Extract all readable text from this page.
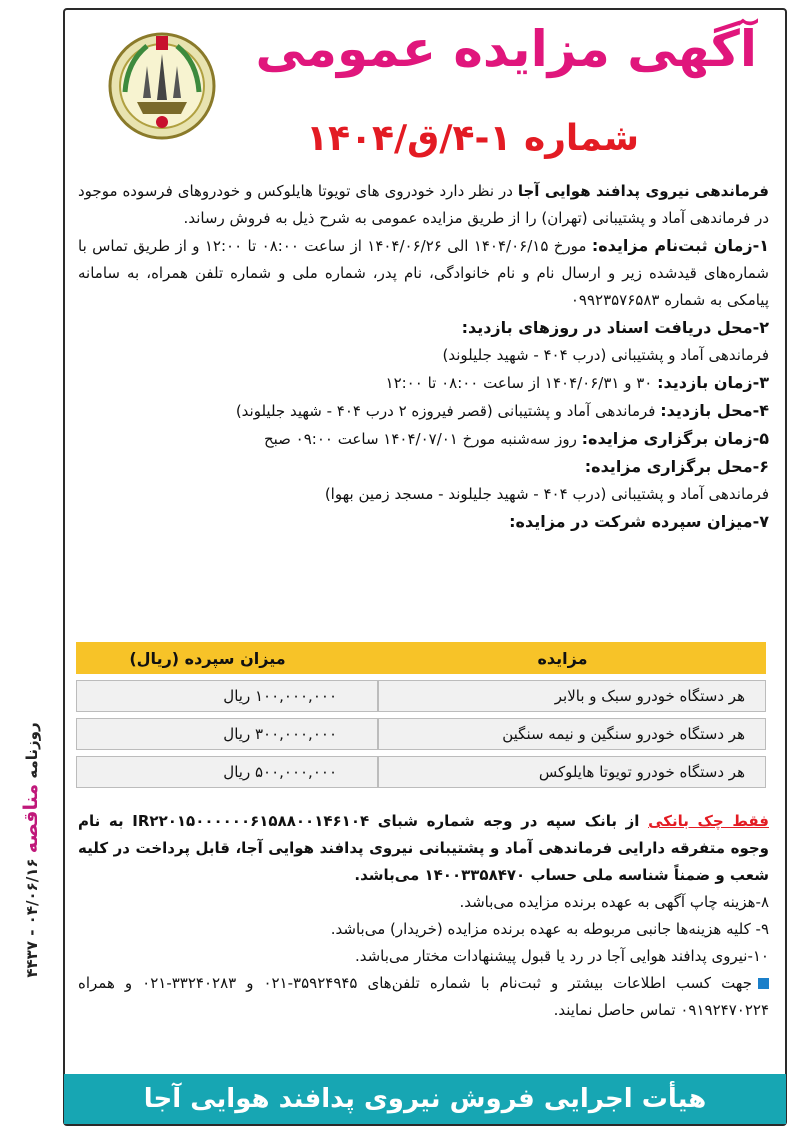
روزنامه مناقصه ۰۴/۰۶/۱۶ - ۴۴۳۷
آگهی مزایده عمومی
شماره ۱-۴/ق/۱۴۰۴

فرماندهی نیروی پدافند هوایی آجا در نظر دارد خودروی های تویوتا هایلوکس و خودروهای فرسوده موجود در فرماندهی آماد و پشتیبانی (تهران) را از طریق مزایده عمومی به شرح ذیل به فروش رساند.

۱-زمان ثبت‌نام مزایده: مورخ ۱۴۰۴/۰۶/۱۵ الی ۱۴۰۴/۰۶/۲۶ از ساعت ۰۸:۰۰ تا ۱۲:۰۰ و از طریق تماس با شماره‌های قیدشده زیر و ارسال نام و نام خانوادگی، نام پدر، شماره ملی و شماره تلفن همراه، به سامانه پیامکی به شماره ۰۹۹۲۳۵۷۶۵۸۳

۲-محل دریافت اسناد در روزهای بازدید:

فرماندهی آماد و پشتیبانی (درب ۴۰۴ - شهید جلیلوند)

۳-زمان بازدید: ۳۰ و ۱۴۰۴/۰۶/۳۱ از ساعت ۰۸:۰۰ تا ۱۲:۰۰

۴-محل بازدید: فرماندهی آماد و پشتیبانی (قصر فیروزه ۲ درب ۴۰۴ - شهید جلیلوند)

۵-زمان برگزاری مزایده: روز سه‌شنبه مورخ ۱۴۰۴/۰۷/۰۱ ساعت ۰۹:۰۰ صبح

۶-محل برگزاری مزایده:

فرماندهی آماد و پشتیبانی (درب ۴۰۴ - شهید جلیلوند - مسجد زمین بهوا)

۷-میزان سپرده شرکت در مزایده:

مزایده	میزان سپرده (ریال)
هر دستگاه خودرو سبک و بالابر	۱۰۰,۰۰۰,۰۰۰ ریال
هر دستگاه خودرو سنگین و نیمه سنگین	۳۰۰,۰۰۰,۰۰۰ ریال
هر دستگاه خودرو تویوتا هایلوکس	۵۰۰,۰۰۰,۰۰۰ ریال

فقط چک بانکی از بانک سپه در وجه شماره شبای IR۲۲۰۱۵۰۰۰۰۰۰۶۱۵۸۸۰۰۱۴۶۱۰۴ به نام وجوه متفرقه دارایی فرماندهی آماد و پشتیبانی نیروی پدافند هوایی آجا، قابل پرداخت در کلیه شعب و ضمناً شناسه ملی حساب ۱۴۰۰۳۳۵۸۴۷۰ می‌باشد.

۸-هزینه چاپ آگهی به عهده برنده مزایده می‌باشد.

۹- کلیه هزینه‌ها جانبی مربوطه به عهده برنده مزایده (خریدار) می‌باشد.

۱۰-نیروی پدافند هوایی آجا در رد یا قبول پیشنهادات مختار می‌باشد.

جهت کسب اطلاعات بیشتر و ثبت‌نام با شماره تلفن‌های ۳۵۹۲۴۹۴۵-۰۲۱ و ۳۳۲۴۰۲۸۳-۰۲۱ و همراه ۰۹۱۹۲۴۷۰۲۲۴ تماس حاصل نمایند.

هیأت اجرایی فروش نیروی پدافند هوایی آجا
